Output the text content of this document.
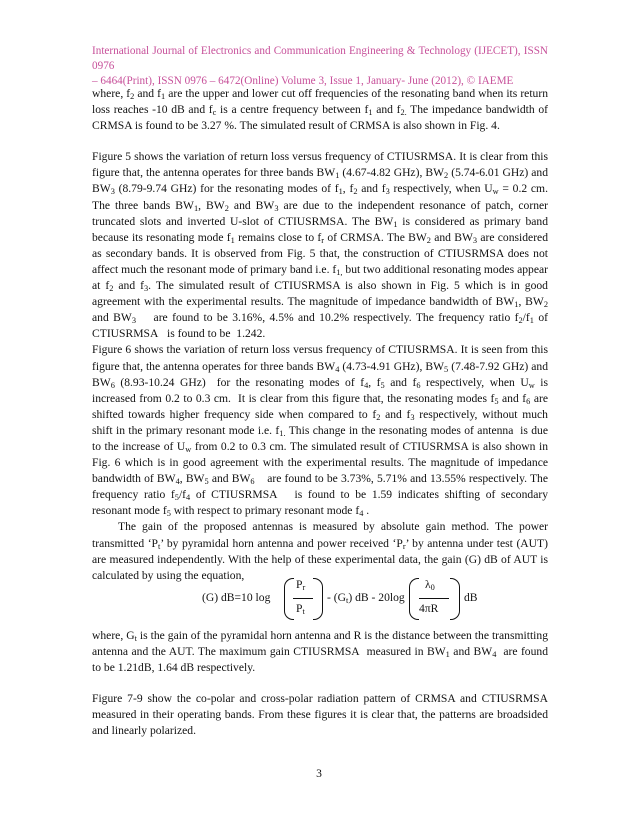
International Journal of Electronics and Communication Engineering & Technology (IJECET), ISSN 0976
– 6464(Print), ISSN 0976 – 6472(Online) Volume 3, Issue 1, January- June (2012), © IAEME

where, $f_2$ and $f_1$ are the upper and lower cut off frequencies of the resonating band when its return loss reaches -10 dB and $f_c$ is a centre frequency between $f_1$ and $f_{2.}$ The impedance bandwidth of CRMSA is found to be 3.27 %. The simulated result of CRMSA is also shown in Fig. 4.

Figure 5 shows the variation of return loss versus frequency of CTIUSRMSA. It is clear from this figure that, the antenna operates for three bands $BW_1$ (4.67-4.82 GHz), $BW_2$ (5.74-6.01 GHz) and $BW_3$ (8.79-9.74 GHz) for the resonating modes of $f_1$, $f_2$ and $f_3$ respectively, when $U_w = 0.2$ cm. The three bands $BW_1$, $BW_2$ and $BW_3$ are due to the independent resonance of patch, corner truncated slots and inverted U-slot of CTIUSRMSA. The $BW_1$ is considered as primary band because its resonating mode $f_1$ remains close to $f_r$ of CRMSA. The $BW_2$ and $BW_3$ are considered as secondary bands. It is observed from Fig. 5 that, the construction of CTIUSRMSA does not affect much the resonant mode of primary band i.e. $f_{1,}$ but two additional resonating modes appear at $f_2$ and $f_3$. The simulated result of CTIUSRMSA is also shown in Fig. 5 which is in good agreement with the experimental results. The magnitude of impedance bandwidth of $BW_1$, $BW_2$ and $BW_3$    are found to be 3.16%, 4.5% and 10.2% respectively. The frequency ratio $f_2/f_1$ of CTIUSRMSA   is found to be  1.242.

Figure 6 shows the variation of return loss versus frequency of CTIUSRMSA. It is seen from this figure that, the antenna operates for three bands $BW_4$ (4.73-4.91 GHz), $BW_5$ (7.48-7.92 GHz) and $BW_6$ (8.93-10.24 GHz)  for the resonating modes of $f_4$, $f_5$ and $f_6$ respectively, when $U_w$ is increased from 0.2 to 0.3 cm.  It is clear from this figure that, the resonating modes $f_5$ and $f_6$ are shifted towards higher frequency side when compared to $f_2$ and $f_3$ respectively, without much shift in the primary resonant mode i.e. $f_{1.}$ This change in the resonating modes of antenna  is due to the increase of $U_w$ from 0.2 to 0.3 cm. The simulated result of CTIUSRMSA is also shown in Fig. 6 which is in good agreement with the experimental results. The magnitude of impedance bandwidth of $BW_4$, $BW_5$ and $BW_6$    are found to be 3.73%, 5.71% and 13.55% respectively. The frequency ratio $f_5/f_4$ of CTIUSRMSA   is found to be 1.59 indicates shifting of secondary resonant mode $f_5$ with respect to primary resonant mode $f_4$ .

The gain of the proposed antennas is measured by absolute gain method. The power transmitted ‘$P_t$’ by pyramidal horn antenna and power received ‘$P_r$’ by antenna under test (AUT) are measured independently. With the help of these experimental data, the gain (G) dB of AUT is calculated by using the equation,

(G) dB=10 log
$P_r$
$P_t$
- $(G_t)$ dB - 20log
$\lambda_0$
4πR
dB

where, $G_t$ is the gain of the pyramidal horn antenna and R is the distance between the transmitting antenna and the AUT. The maximum gain CTIUSRMSA  measured in $BW_1$ and $BW_4$  are found to be 1.21dB, 1.64 dB respectively.

Figure 7-9 show the co-polar and cross-polar radiation pattern of CRMSA and CTIUSRMSA measured in their operating bands. From these figures it is clear that, the patterns are broadsided and linearly polarized.

3
